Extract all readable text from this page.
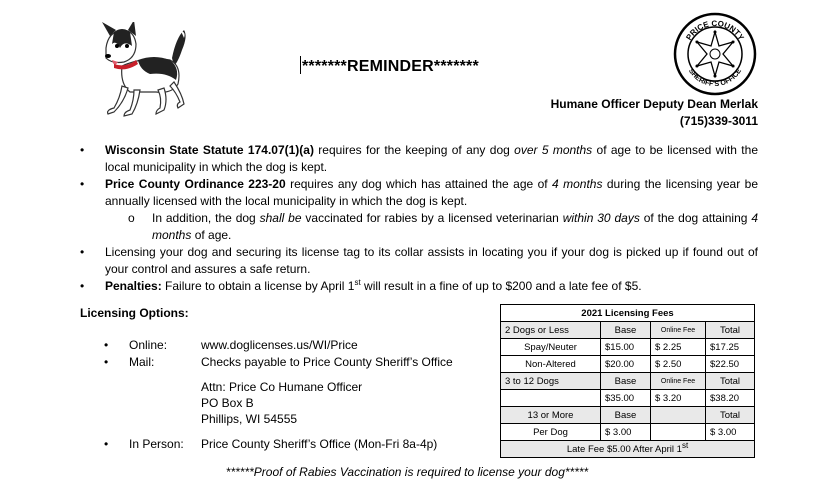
PRICE COUNTY
SHERIFF'S OFFICE
*******REMINDER*******
Humane Officer Deputy Dean Merlak
(715)339-3011
•	Wisconsin State Statute 174.07(1)(a) requires for the keeping of any dog over 5 months of age to be licensed with the local municipality in which the dog is kept.
•	Price County Ordinance 223-20 requires any dog which has attained the age of 4 months during the licensing year be annually licensed with the local municipality in which the dog is kept.
o	In addition, the dog shall be vaccinated for rabies by a licensed veterinarian within 30 days of the dog attaining 4 months of age.
•	Licensing your dog and securing its license tag to its collar assists in locating you if your dog is picked up if found out of your control and assures a safe return.
•	Penalties: Failure to obtain a license by April 1st will result in a fine of up to $200 and a late fee of $5.
Licensing Options:
• Online:	www.doglicenses.us/WI/Price
• Mail:	Checks payable to Price County Sheriff’s Office
Attn: Price Co Humane Officer
PO Box B
Phillips, WI 54555
• In Person: Price County Sheriff’s Office (Mon-Fri 8a-4p)
2021 Licensing Fees			
2 Dogs or Less	Base	Online Fee	Total
Spay/Neuter	$15.00	$ 2.25	$17.25
Non-Altered	$20.00	$ 2.50	$22.50
3 to 12 Dogs	Base	Online Fee	Total
	$35.00	$ 3.20	$38.20
13 or More	Base		Total
Per Dog	$ 3.00		$ 3.00
Late Fee $5.00 After April 1st
******Proof of Rabies Vaccination is required to license your dog*****
